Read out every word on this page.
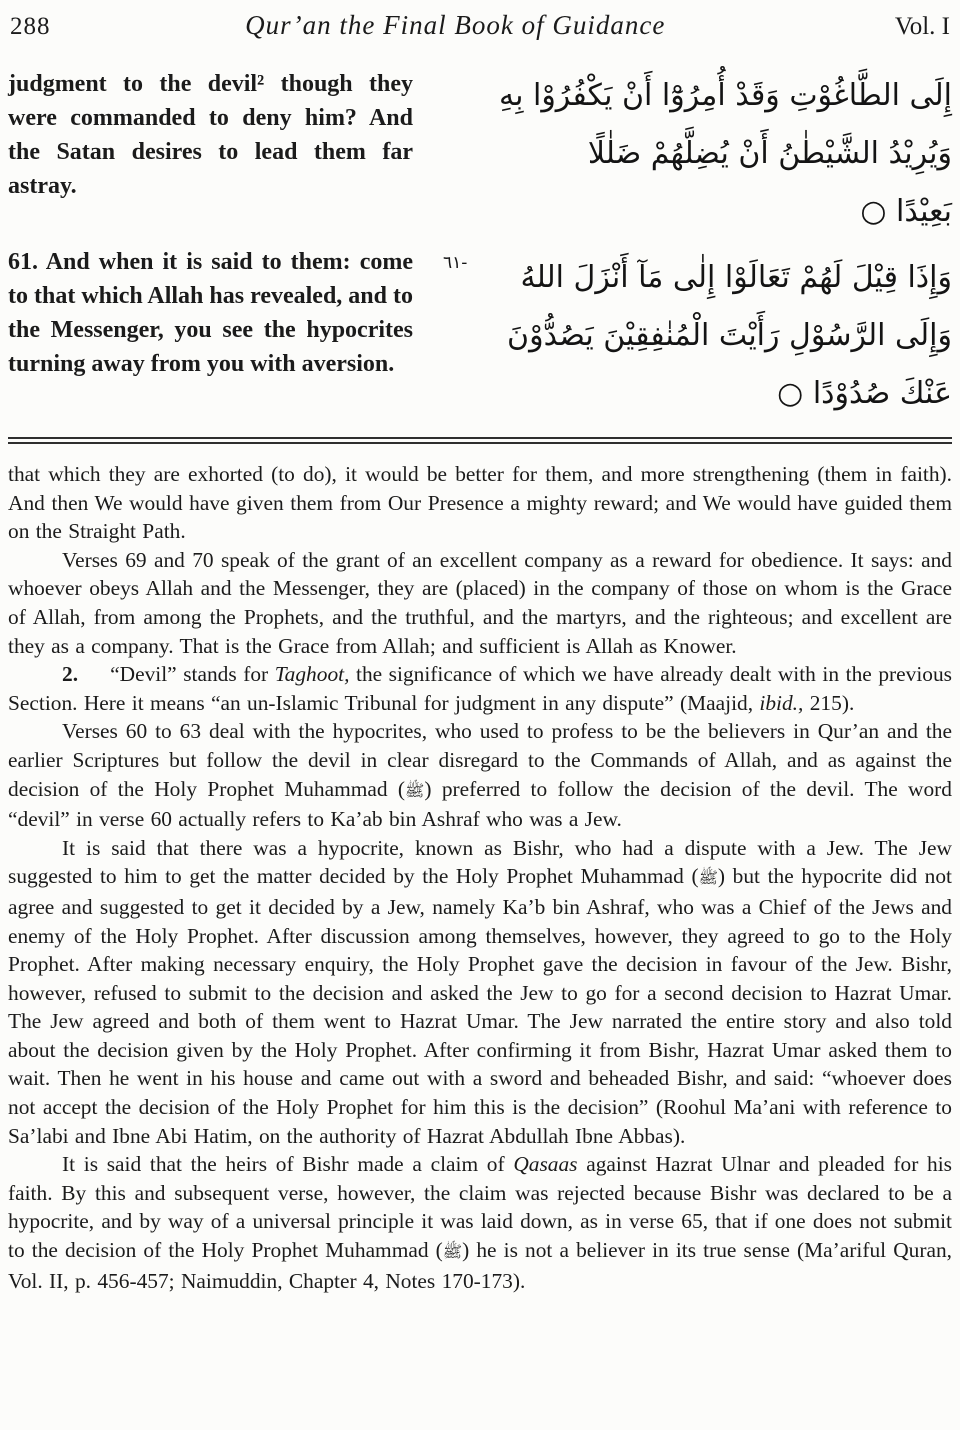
288	Qur’an the Final Book of Guidance	Vol. I

judgment to the devil² though they were commanded to deny him? And the Satan desires to lead them far astray.

61. And when it is said to them: come to that which Allah has revealed, and to the Messenger, you see the hypocrites turning away from you with aversion.

إِلَى الطَّاغُوْتِ وَقَدْ أُمِرُوْٓا أَنْ يَكْفُرُوْا بِهِ
وَيُرِيْدُ الشَّيْطٰنُ أَنْ يُضِلَّهُمْ ضَلٰلًا
بَعِيْدًا ○
٦١- وَإِذَا قِيْلَ لَهُمْ تَعَالَوْا إِلٰى مَآ أَنْزَلَ اللهُ
وَإِلَى الرَّسُوْلِ رَأَيْتَ الْمُنٰفِقِيْنَ يَصُدُّوْنَ
عَنْكَ صُدُوْدًا ○

that which they are exhorted (to do), it would be better for them, and more strengthening (them in faith). And then We would have given them from Our Presence a mighty reward; and We would have guided them on the Straight Path.

Verses 69 and 70 speak of the grant of an excellent company as a reward for obedience. It says: and whoever obeys Allah and the Messenger, they are (placed) in the company of those on whom is the Grace of Allah, from among the Prophets, and the truthful, and the martyrs, and the righteous; and excellent are they as a company. That is the Grace from Allah; and sufficient is Allah as Knower.

2.  “Devil” stands for Taghoot, the significance of which we have already dealt with in the previous Section. Here it means “an un-Islamic Tribunal for judgment in any dispute” (Maajid, ibid., 215).

Verses 60 to 63 deal with the hypocrites, who used to profess to be the believers in Qur’an and the earlier Scriptures but follow the devil in clear disregard to the Commands of Allah, and as against the decision of the Holy Prophet Muhammad (ﷺ) preferred to follow the decision of the devil. The word “devil” in verse 60 actually refers to Ka’ab bin Ashraf who was a Jew.

It is said that there was a hypocrite, known as Bishr, who had a dispute with a Jew. The Jew suggested to him to get the matter decided by the Holy Prophet Muhammad (ﷺ) but the hypocrite did not agree and suggested to get it decided by a Jew, namely Ka’b bin Ashraf, who was a Chief of the Jews and enemy of the Holy Prophet. After discussion among themselves, however, they agreed to go to the Holy Prophet. After making necessary enquiry, the Holy Prophet gave the decision in favour of the Jew. Bishr, however, refused to submit to the decision and asked the Jew to go for a second decision to Hazrat Umar. The Jew agreed and both of them went to Hazrat Umar. The Jew narrated the entire story and also told about the decision given by the Holy Prophet. After confirming it from Bishr, Hazrat Umar asked them to wait. Then he went in his house and came out with a sword and beheaded Bishr, and said: “whoever does not accept the decision of the Holy Prophet for him this is the decision” (Roohul Ma’ani with reference to Sa’labi and Ibne Abi Hatim, on the authority of Hazrat Abdullah Ibne Abbas).

It is said that the heirs of Bishr made a claim of Qasaas against Hazrat Ulnar and pleaded for his faith. By this and subsequent verse, however, the claim was rejected because Bishr was declared to be a hypocrite, and by way of a universal principle it was laid down, as in verse 65, that if one does not submit to the decision of the Holy Prophet Muhammad (ﷺ) he is not a believer in its true sense (Ma’ariful Quran, Vol. II, p. 456-457; Naimuddin, Chapter 4, Notes 170-173).
